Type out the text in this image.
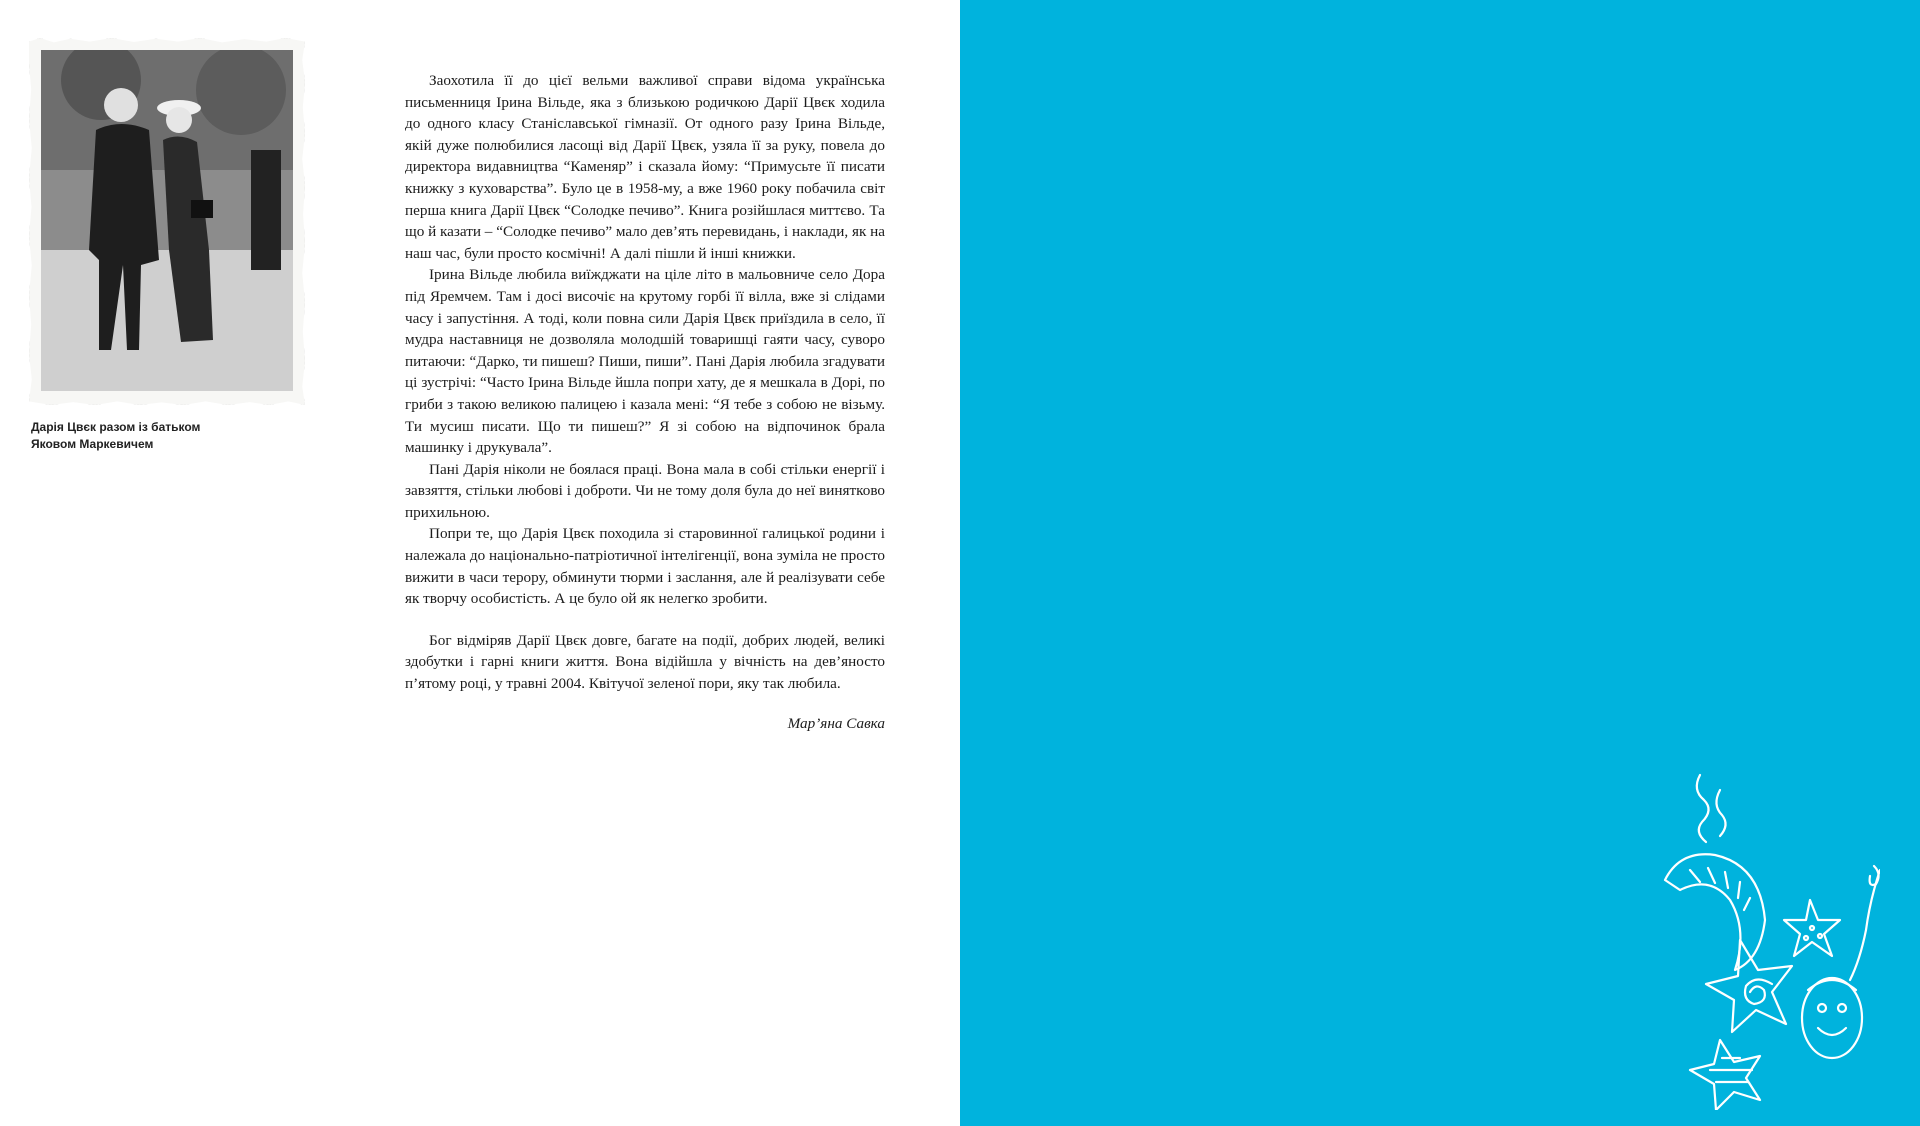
Дарія Цвєк разом із батьком
Яковом Маркевичем

Заохотила її до цієї вельми важливої справи відома українська письменниця Ірина Вільде, яка з близькою родичкою Дарії Цвєк ходила до одного класу Станіславської гімназії. От одного разу Ірина Вільде, якій дуже полюбилися ласощі від Дарії Цвєк, узяла її за руку, повела до директора видавництва “Каменяр” і сказала йому: “Примусьте її писати книжку з куховарства”. Було це в 1958-му, а вже 1960 року побачила світ перша книга Дарії Цвєк “Солодке печиво”. Книга розійшлася миттєво. Та що й казати – “Солодке печиво” мало дев’ять перевидань, і наклади, як на наш час, були просто космічні! А далі пішли й інші книжки.

Ірина Вільде любила виїжджати на ціле літо в мальовниче село Дора під Яремчем. Там і досі височіє на крутому горбі її вілла, вже зі слідами часу і запустіння. А тоді, коли повна сили Дарія Цвєк приїздила в село, її мудра наставниця не дозволяла молодшій товаришці гаяти часу, суворо питаючи: “Дарко, ти пишеш? Пиши, пиши”. Пані Дарія любила згадувати ці зустрічі: “Часто Ірина Вільде йшла попри хату, де я мешкала в Дорі, по гриби з такою великою палицею і казала мені: “Я тебе з собою не візьму. Ти мусиш писати. Що ти пишеш?” Я зі собою на відпочинок брала машинку і друкувала”.

Пані Дарія ніколи не боялася праці. Вона мала в собі стільки енергії і завзяття, стільки любові і доброти. Чи не тому доля була до неї винятково прихильною.

Попри те, що Дарія Цвєк походила зі старовинної галицької родини і належала до національно-патріотичної інтелігенції, вона зуміла не просто вижити в часи терору, обминути тюрми і заслання, але й реалізувати себе як творчу особистість. А це було ой як нелегко зробити.

Бог відміряв Дарії Цвєк довге, багате на події, добрих людей, великі здобутки і гарні книги життя. Вона відійшла у вічність на дев’яносто п’ятому році, у травні 2004. Квітучої зеленої пори, яку так любила.

Мар’яна Савка
